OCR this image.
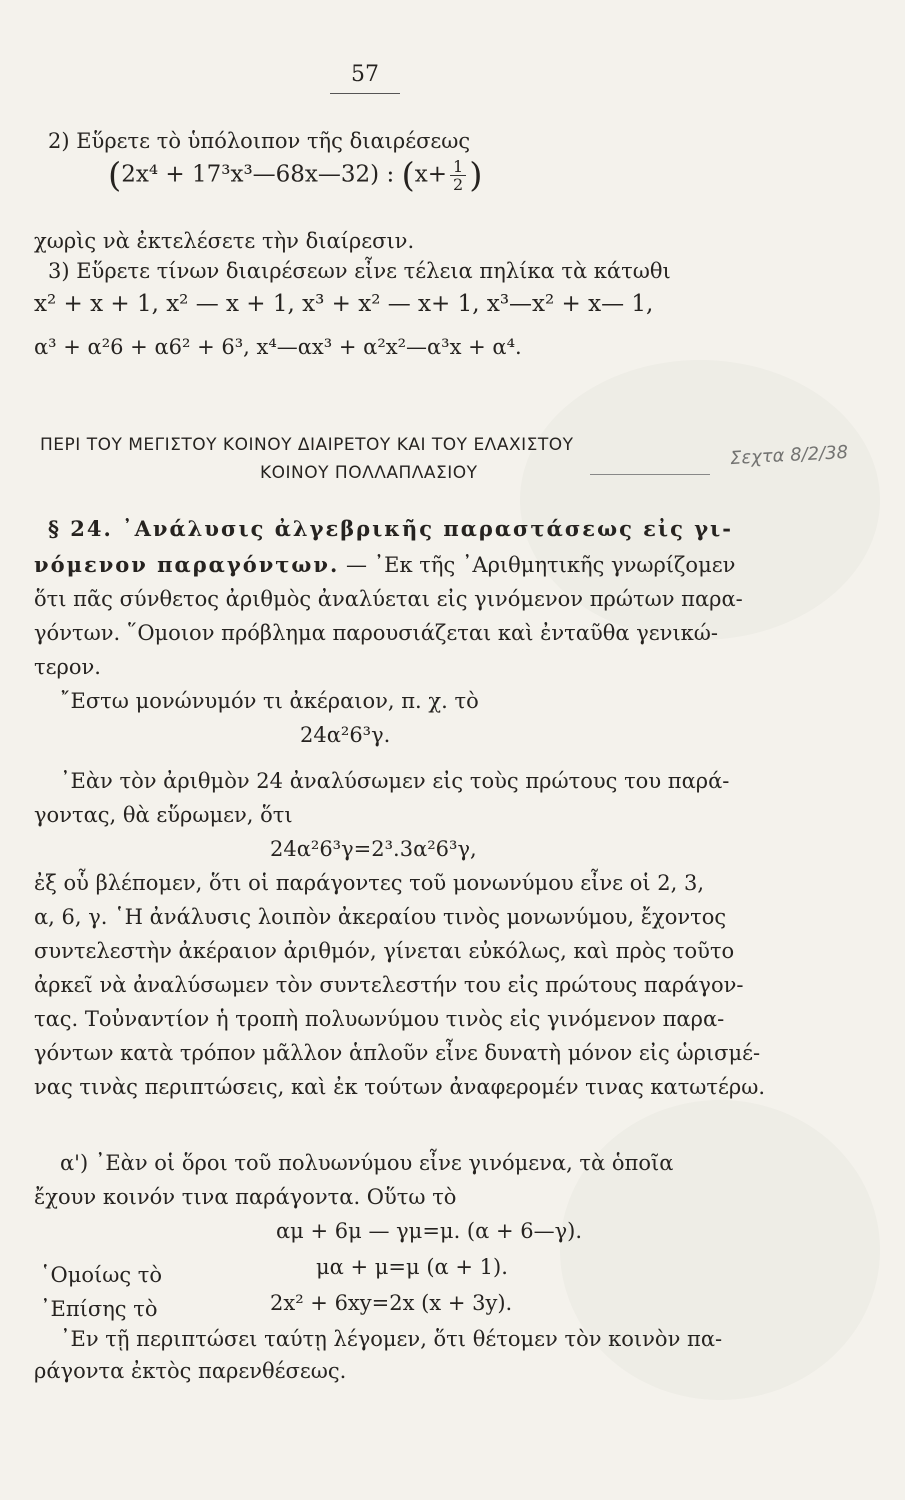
57
2) Εὕρετε τὸ ὑπόλοιπον τῆς διαιρέσεως
(2x⁴ + 17³x³—68x—32) : ($x+ \frac{1}{2}$ )
χωρὶς νὰ ἐκτελέσετε τὴν διαίρεσιν.
3) Εὕρετε τίνων διαιρέσεων εἶνε τέλεια πηλίκα τὰ κάτωθι
x² + x + 1, x² — x + 1, x³ + x² — x+ 1, x³—x² + x— 1,
α³ + α²6 + α6² + 6³, x⁴—αx³ + α²x²—α³x + α⁴.
ΠΕΡΙ ΤΟΥ ΜΕΓΙΣΤΟΥ ΚΟΙΝΟΥ ΔΙΑΙΡΕΤΟΥ ΚΑΙ ΤΟΥ ΕΛΑΧΙΣΤΟΥ
ΚΟΙΝΟΥ ΠΟΛΛΑΠΛΑΣΙΟΥ
Σεχτα 8/2/38
§ 24. ᾽Ανάλυσις ἀλγεβρικῆς παραστάσεως εἰς γι-
νόμενον παραγόντων. — ᾽Εκ τῆς ᾽Αριθμητικῆς γνωρίζομεν
ὅτι πᾶς σύνθετος ἀριθμὸς ἀναλύεται εἰς γινόμενον πρώτων παρα-
γόντων. ῞Ομοιον πρόβλημα παρουσιάζεται καὶ ἐνταῦθα γενικώ-
τερον.
῎Εστω μονώνυμόν τι ἀκέραιον, π. χ. τὸ
24α²6³γ.
᾽Εὰν τὸν ἀριθμὸν 24 ἀναλύσωμεν εἰς τοὺς πρώτους του παρά-
γοντας, θὰ εὕρωμεν, ὅτι
24α²6³γ=2³.3α²6³γ,
ἐξ οὗ βλέπομεν, ὅτι οἱ παράγοντες τοῦ μονωνύμου εἶνε οἱ 2, 3,
α, 6, γ. ῾Η ἀνάλυσις λοιπὸν ἀκεραίου τινὸς μονωνύμου, ἔχοντος
συντελεστὴν ἀκέραιον ἀριθμόν, γίνεται εὐκόλως, καὶ πρὸς τοῦτο
ἀρκεῖ νὰ ἀναλύσωμεν τὸν συντελεστήν του εἰς πρώτους παράγον-
τας. Τοὐναντίον ἡ τροπὴ πολυωνύμου τινὸς εἰς γινόμενον παρα-
γόντων κατὰ τρόπον μᾶλλον ἁπλοῦν εἶνε δυνατὴ μόνον εἰς ὡρισμέ-
νας τινὰς περιπτώσεις, καὶ ἐκ τούτων ἀναφερομέν τινας κατωτέρω.
α') ᾽Εὰν οἱ ὅροι τοῦ πολυωνύμου εἶνε γινόμενα, τὰ ὁποῖα
ἔχουν κοινόν τινα παράγοντα. Οὕτω τὸ
αμ + 6μ — γμ=μ. (α + 6—γ).
῾Ομοίως τὸ	μα + μ=μ (α + 1).
᾽Επίσης τὸ	2x² + 6xy=2x (x + 3y).
᾽Εν τῇ περιπτώσει ταύτῃ λέγομεν, ὅτι θέτομεν τὸν κοινὸν πα-
ράγοντα ἐκτὸς παρενθέσεως.
